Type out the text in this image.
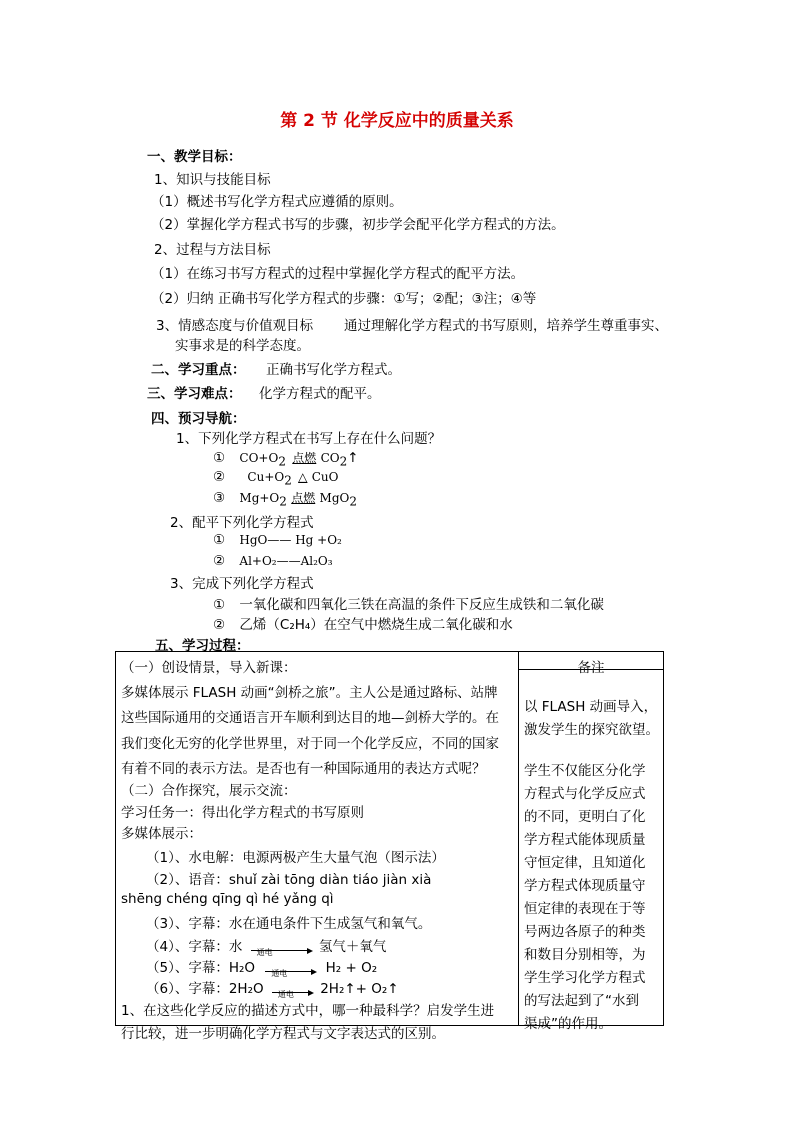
第 2 节 化学反应中的质量关系
一、教学目标：
1、知识与技能目标
（1）概述书写化学方程式应遵循的原则。
（2）掌握化学方程式书写的步骤，初步学会配平化学方程式的方法。
2、过程与方法目标
（1）在练习书写方程式的过程中掌握化学方程式的配平方法。
（2）归纳 正确书写化学方程式的步骤：①写；②配；③注；④等
3、情感态度与价值观目标 通过理解化学方程式的书写原则，培养学生尊重事实、
实事求是的科学态度。
二、学习重点： 正确书写化学方程式。
三、学习难点： 化学方程式的配平。
四、预习导航：
1、下列化学方程式在书写上存在什么问题？
① $CO+O_2$ 点燃 $CO_2↑$
② $Cu+O_2$ △ CuO
③ $Mg+O_2$ 点燃 MgO$_2$
2、配平下列化学方程式
① HgO—— Hg +O₂
② Al+O₂——Al₂O₃
3、完成下列化学方程式
① 一氧化碳和四氧化三铁在高温的条件下反应生成铁和二氧化碳
② 乙烯（C₂H₄）在空气中燃烧生成二氧化碳和水
五、学习过程：
（一）创设情景，导入新课：
多媒体展示 FLASH 动画“剑桥之旅”。主人公是通过路标、站牌
这些国际通用的交通语言开车顺利到达目的地—剑桥大学的。在
我们变化无穷的化学世界里，对于同一个化学反应，不同的国家
有着不同的表示方法。是否也有一种国际通用的表达方式呢？
（二）合作探究，展示交流：
学习任务一：得出化学方程式的书写原则
多媒体展示：
（1）、水电解：电源两极产生大量气泡（图示法）
（2）、语音：shuǐ zài tōng diàn tiáo jiàn xià
shēng chéng qīng qì hé yǎng qì
（3）、字幕：水在通电条件下生成氢气和氧气。
（4）、字幕：水 通电	氢气＋氧气
（5）、字幕：H₂O 通电	H₂ + O₂
（6）、字幕：2H₂O 通电 2H₂↑+ O₂↑
1、在这些化学反应的描述方式中，哪一种最科学？启发学生进
行比较，进一步明确化学方程式与文字表达式的区别。

备注
以 FLASH 动画导入，
激发学生的探究欲望。
学生不仅能区分化学
方程式与化学反应式
的不同，更明白了化
学方程式能体现质量
守恒定律，且知道化
学方程式体现质量守
恒定律的表现在于等
号两边各原子的种类
和数目分别相等，为
学生学习化学方程式
的写法起到了“水到
渠成”的作用。
